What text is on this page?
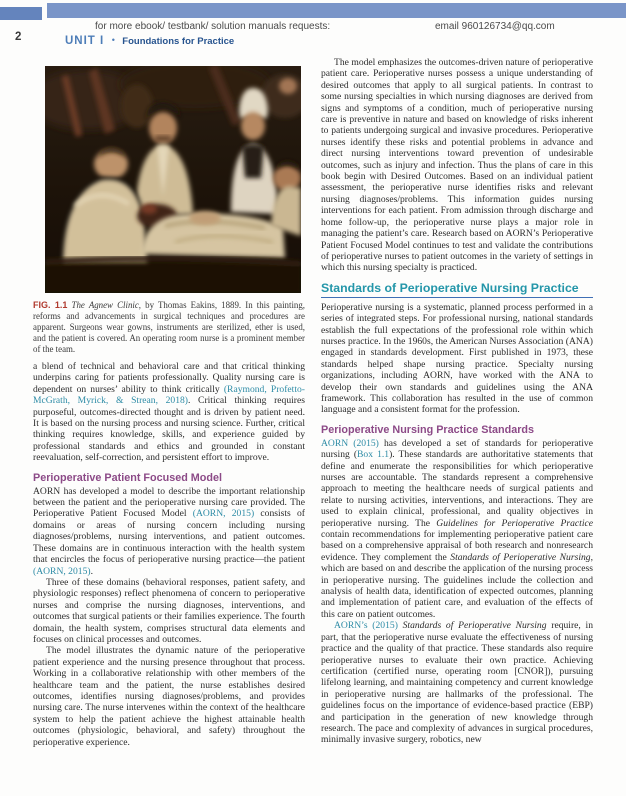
for more ebook/ testbank/ solution manuals requests:	email 960126734@qq.com
2	UNIT I • Foundations for Practice

FIG. 1.1 The Agnew Clinic, by Thomas Eakins, 1889. In this painting, reforms and advancements in surgical techniques and procedures are apparent. Surgeons wear gowns, instruments are sterilized, ether is used, and the patient is covered. An operating room nurse is a prominent member of the team.

a blend of technical and behavioral care and that critical thinking underpins caring for patients professionally. Quality nursing care is dependent on nurses’ ability to think critically (Raymond, Profetto-McGrath, Myrick, & Strean, 2018). Critical thinking requires purposeful, outcomes-directed thought and is driven by patient need. It is based on the nursing process and nursing science. Further, critical thinking requires knowledge, skills, and experience guided by professional standards and ethics and grounded in constant reevaluation, self-correction, and persistent effort to improve.

Perioperative Patient Focused Model

AORN has developed a model to describe the important relationship between the patient and the perioperative nursing care provided. The Perioperative Patient Focused Model (AORN, 2015) consists of domains or areas of nursing concern including nursing diagnoses/problems, nursing interventions, and patient outcomes. These domains are in continuous interaction with the health system that encircles the focus of perioperative nursing practice—the patient (AORN, 2015).

Three of these domains (behavioral responses, patient safety, and physiologic responses) reflect phenomena of concern to perioperative nurses and comprise the nursing diagnoses, interventions, and outcomes that surgical patients or their families experience. The fourth domain, the health system, comprises structural data elements and focuses on clinical processes and outcomes.

The model illustrates the dynamic nature of the perioperative patient experience and the nursing presence throughout that process. Working in a collaborative relationship with other members of the healthcare team and the patient, the nurse establishes desired outcomes, identifies nursing diagnoses/problems, and provides nursing care. The nurse intervenes within the context of the healthcare system to help the patient achieve the highest attainable health outcomes (physiologic, behavioral, and safety) throughout the perioperative experience.

The model emphasizes the outcomes-driven nature of perioperative patient care. Perioperative nurses possess a unique understanding of desired outcomes that apply to all surgical patients. In contrast to some nursing specialties in which nursing diagnoses are derived from signs and symptoms of a condition, much of perioperative nursing care is preventive in nature and based on knowledge of risks inherent to patients undergoing surgical and invasive procedures. Perioperative nurses identify these risks and potential problems in advance and direct nursing interventions toward prevention of undesirable outcomes, such as injury and infection. Thus the plans of care in this book begin with Desired Outcomes. Based on an individual patient assessment, the perioperative nurse identifies risks and relevant nursing diagnoses/problems. This information guides nursing interventions for each patient. From admission through discharge and home follow-up, the perioperative nurse plays a major role in managing the patient’s care. Research based on AORN’s Perioperative Patient Focused Model continues to test and validate the contributions of perioperative nurses to patient outcomes in the variety of settings in which this nursing specialty is practiced.

Standards of Perioperative Nursing Practice

Perioperative nursing is a systematic, planned process performed in a series of integrated steps. For professional nursing, national standards establish the full expectations of the professional role within which nurses practice. In the 1960s, the American Nurses Association (ANA) engaged in standards development. First published in 1973, these standards helped shape nursing practice. Specialty nursing organizations, including AORN, have worked with the ANA to develop their own standards and guidelines using the ANA framework. This collaboration has resulted in the use of common language and a consistent format for the profession.

Perioperative Nursing Practice Standards

AORN (2015) has developed a set of standards for perioperative nursing (Box 1.1). These standards are authoritative statements that define and enumerate the responsibilities for which perioperative nurses are accountable. The standards represent a comprehensive approach to meeting the healthcare needs of surgical patients and relate to nursing activities, interventions, and interactions. They are used to explain clinical, professional, and quality objectives in perioperative nursing. The Guidelines for Perioperative Practice contain recommendations for implementing perioperative patient care based on a comprehensive appraisal of both research and nonresearch evidence. They complement the Standards of Perioperative Nursing, which are based on and describe the application of the nursing process in perioperative nursing. The guidelines include the collection and analysis of health data, identification of expected outcomes, planning and implementation of patient care, and evaluation of the effects of this care on patient outcomes.

AORN’s (2015) Standards of Perioperative Nursing require, in part, that the perioperative nurse evaluate the effectiveness of nursing practice and the quality of that practice. These standards also require perioperative nurses to evaluate their own practice. Achieving certification (certified nurse, operating room [CNOR]), pursuing lifelong learning, and maintaining competency and current knowledge in perioperative nursing are hallmarks of the professional. The guidelines focus on the importance of evidence-based practice (EBP) and participation in the generation of new knowledge through research. The pace and complexity of advances in surgical procedures, minimally invasive surgery, robotics, new
